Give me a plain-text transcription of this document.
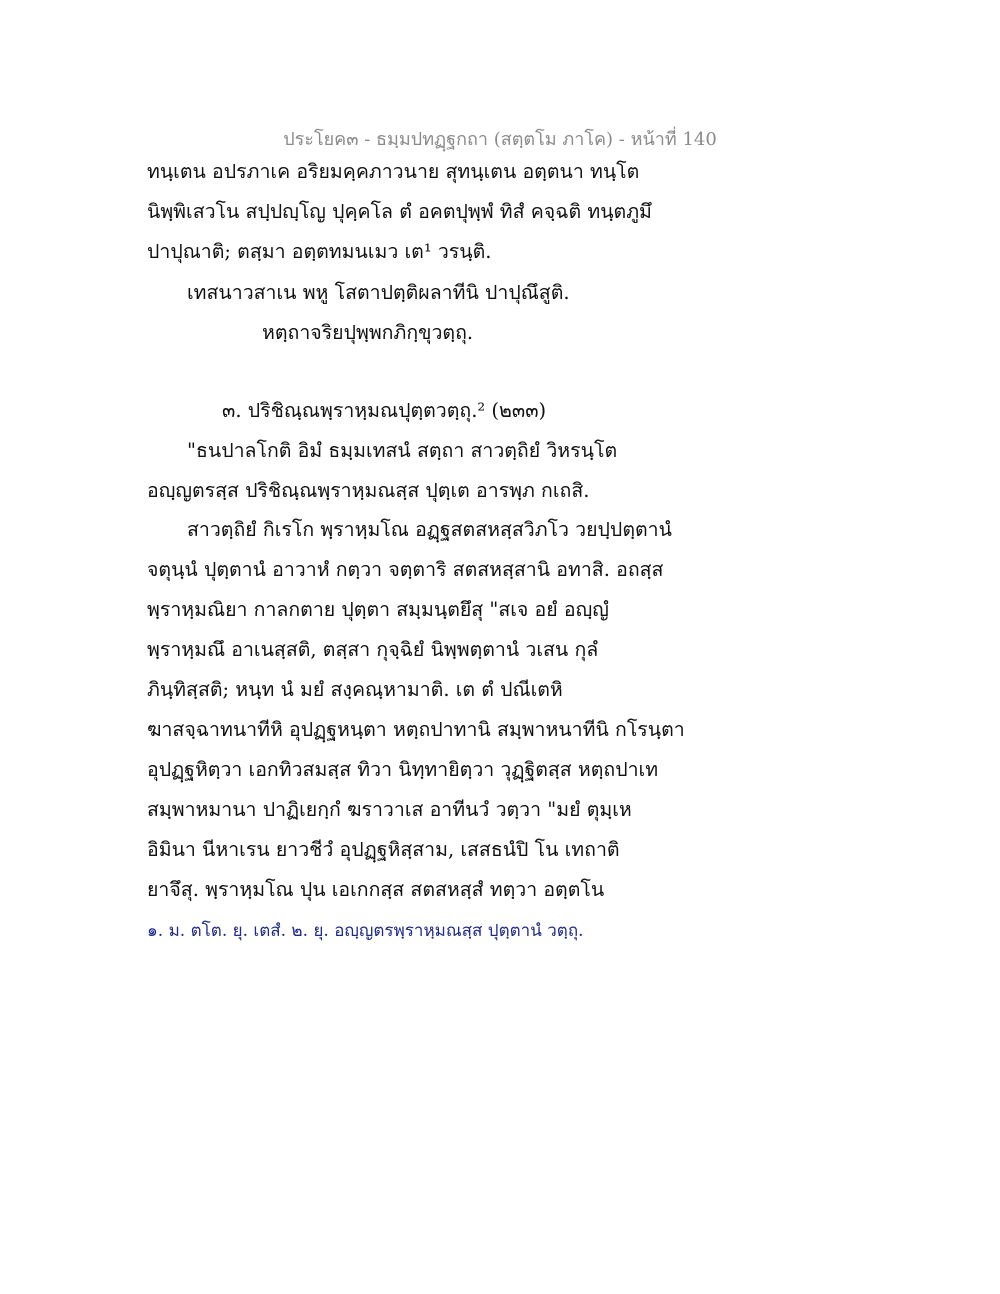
ประโยค๓ - ธมฺมปทฏฺฐกถา (สตฺตโม ภาโค) - หน้าที่ 140
ทนฺเตน อปรภาเค อริยมคฺคภาวนาย สุทนฺเตน อตฺตนา ทนฺโต
นิพฺพิเสวโน สปฺปญฺโญ ปุคฺคโล ตํ อคตปุพฺพํ ทิสํ คจฺฉติ ทนฺตภูมึ
ปาปุณาติ; ตสฺมา อตฺตทมนเมว เต¹ วรนฺติ.
เทสนาวสาเน พหู โสตาปตฺติผลาทีนิ ปาปุณึสูติ.
หตฺถาจริยปุพฺพกภิกฺขุวตฺถุ.
๓. ปริชิณฺณพฺราหฺมณปุตฺตวตฺถุ.² (๒๓๓)
"ธนปาลโกติ อิมํ ธมฺมเทสนํ สตฺถา สาวตฺถิยํ วิหรนฺโต
อญฺญตรสฺส ปริชิณฺณพฺราหฺมณสฺส ปุตฺเต อารพฺภ กเถสิ.
สาวตฺถิยํ กิเรโก พฺราหฺมโณ อฏฺฐสตสหสฺสวิภโว วยปฺปตฺตานํ
จตุนฺนํ ปุตฺตานํ อาวาหํ กตฺวา จตฺตาริ สตสหสฺสานิ อทาสิ. อถสฺส
พฺราหฺมณิยา กาลกตาย ปุตฺตา สมฺมนฺตยึสุ "สเจ อยํ อญฺญํ
พฺราหฺมณึ อาเนสฺสติ, ตสฺสา กุจฺฉิยํ นิพฺพตฺตานํ วเสน กุลํ
ภินฺทิสฺสติ; หนฺท นํ มยํ สงฺคณฺหามาติ. เต ตํ ปณีเตหิ
ฆาสจฺฉาทนาทีหิ อุปฏฺฐหนฺตา หตฺถปาทานิ สมฺพาหนาทีนิ กโรนฺตา
อุปฏฺฐหิตฺวา เอกทิวสมสฺส ทิวา นิทฺทายิตฺวา วุฏฺฐิตสฺส หตฺถปาเท
สมฺพาหมานา ปาฏิเยกฺกํ ฆราวาเส อาทีนวํ วตฺวา "มยํ ตุมฺเห
อิมินา นีหาเรน ยาวชีวํ อุปฏฺฐหิสฺสาม, เสสธนํปิ โน เทถาติ
ยาจึสุ. พฺราหฺมโณ ปุน เอเกกสฺส สตสหสฺสํ ทตฺวา อตฺตโน
๑. ม. ตโต. ยุ. เตสํ. ๒. ยุ. อญฺญตรพฺราหฺมณสฺส ปุตฺตานํ วตฺถุ.
